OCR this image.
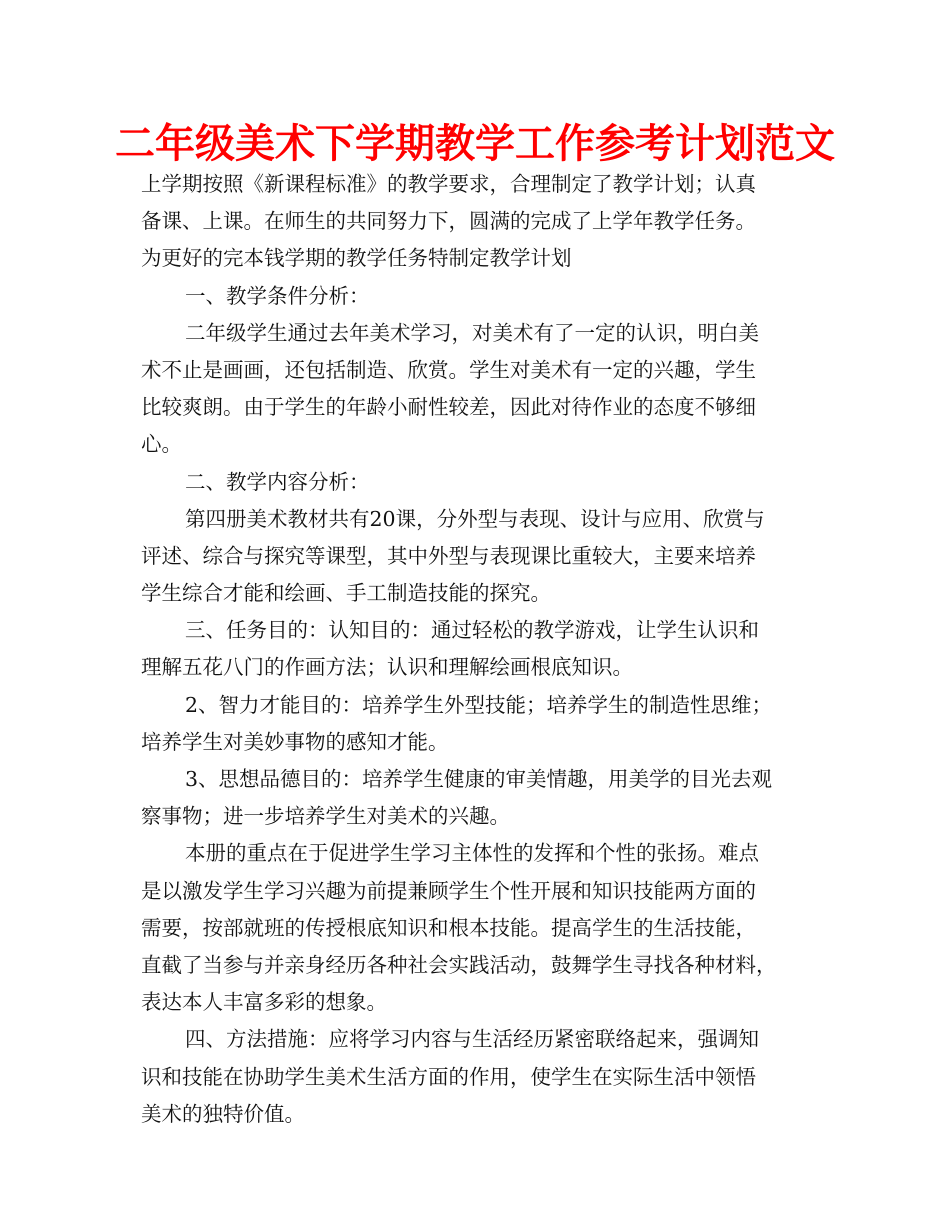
二年级美术下学期教学工作参考计划范文
上学期按照《新课程标准》的教学要求，合理制定了教学计划；认真
备课、上课。在师生的共同努力下，圆满的完成了上学年教学任务。
为更好的完本钱学期的教学任务特制定教学计划
一、教学条件分析：
二年级学生通过去年美术学习，对美术有了一定的认识，明白美
术不止是画画，还包括制造、欣赏。学生对美术有一定的兴趣，学生
比较爽朗。由于学生的年龄小耐性较差，因此对待作业的态度不够细
心。
二、教学内容分析：
第四册美术教材共有20课，分外型与表现、设计与应用、欣赏与
评述、综合与探究等课型，其中外型与表现课比重较大，主要来培养
学生综合才能和绘画、手工制造技能的探究。
三、任务目的：认知目的：通过轻松的教学游戏，让学生认识和
理解五花八门的作画方法；认识和理解绘画根底知识。
2、智力才能目的：培养学生外型技能；培养学生的制造性思维；
培养学生对美妙事物的感知才能。
3、思想品德目的：培养学生健康的审美情趣，用美学的目光去观
察事物；进一步培养学生对美术的兴趣。
本册的重点在于促进学生学习主体性的发挥和个性的张扬。难点
是以激发学生学习兴趣为前提兼顾学生个性开展和知识技能两方面的
需要，按部就班的传授根底知识和根本技能。提高学生的生活技能，
直截了当参与并亲身经历各种社会实践活动，鼓舞学生寻找各种材料，
表达本人丰富多彩的想象。
四、方法措施：应将学习内容与生活经历紧密联络起来，强调知
识和技能在协助学生美术生活方面的作用，使学生在实际生活中领悟
美术的独特价值。
